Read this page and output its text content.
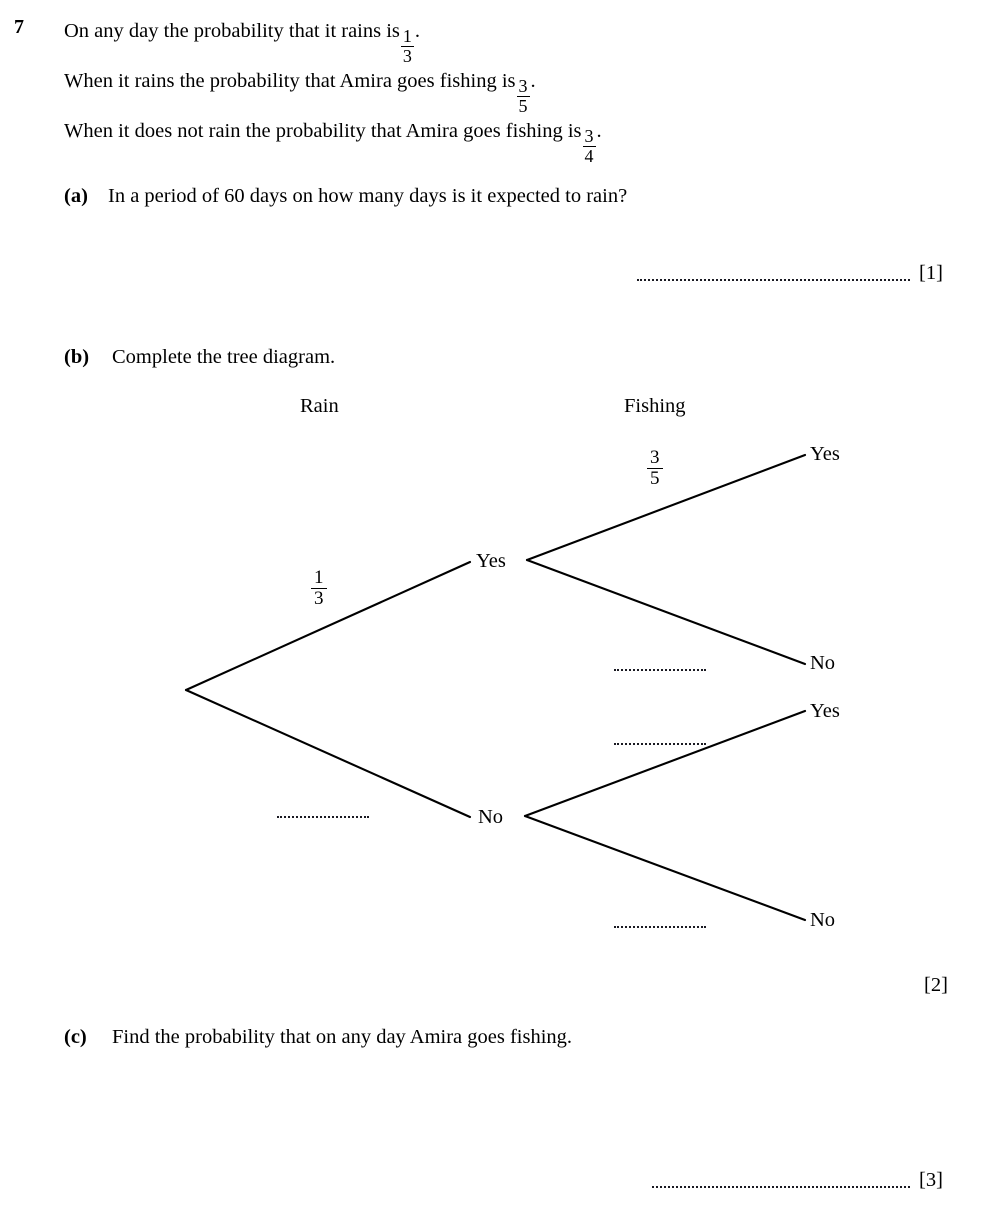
7 On any day the probability that it rains is $\frac{1}{3}$ .
When it rains the probability that Amira goes fishing is $\frac{3}{5}$ .
When it does not rain the probability that Amira goes fishing is $\frac{3}{4}$ .
(a) In a period of 60 days on how many days is it expected to rain?
[1]
(b) Complete the tree diagram.
Rain	Fishing
Yes
No
Yes
No
Yes
No
$\frac{1}{3}$
$\frac{3}{5}$
[2]
(c) Find the probability that on any day Amira goes fishing.
[3]
